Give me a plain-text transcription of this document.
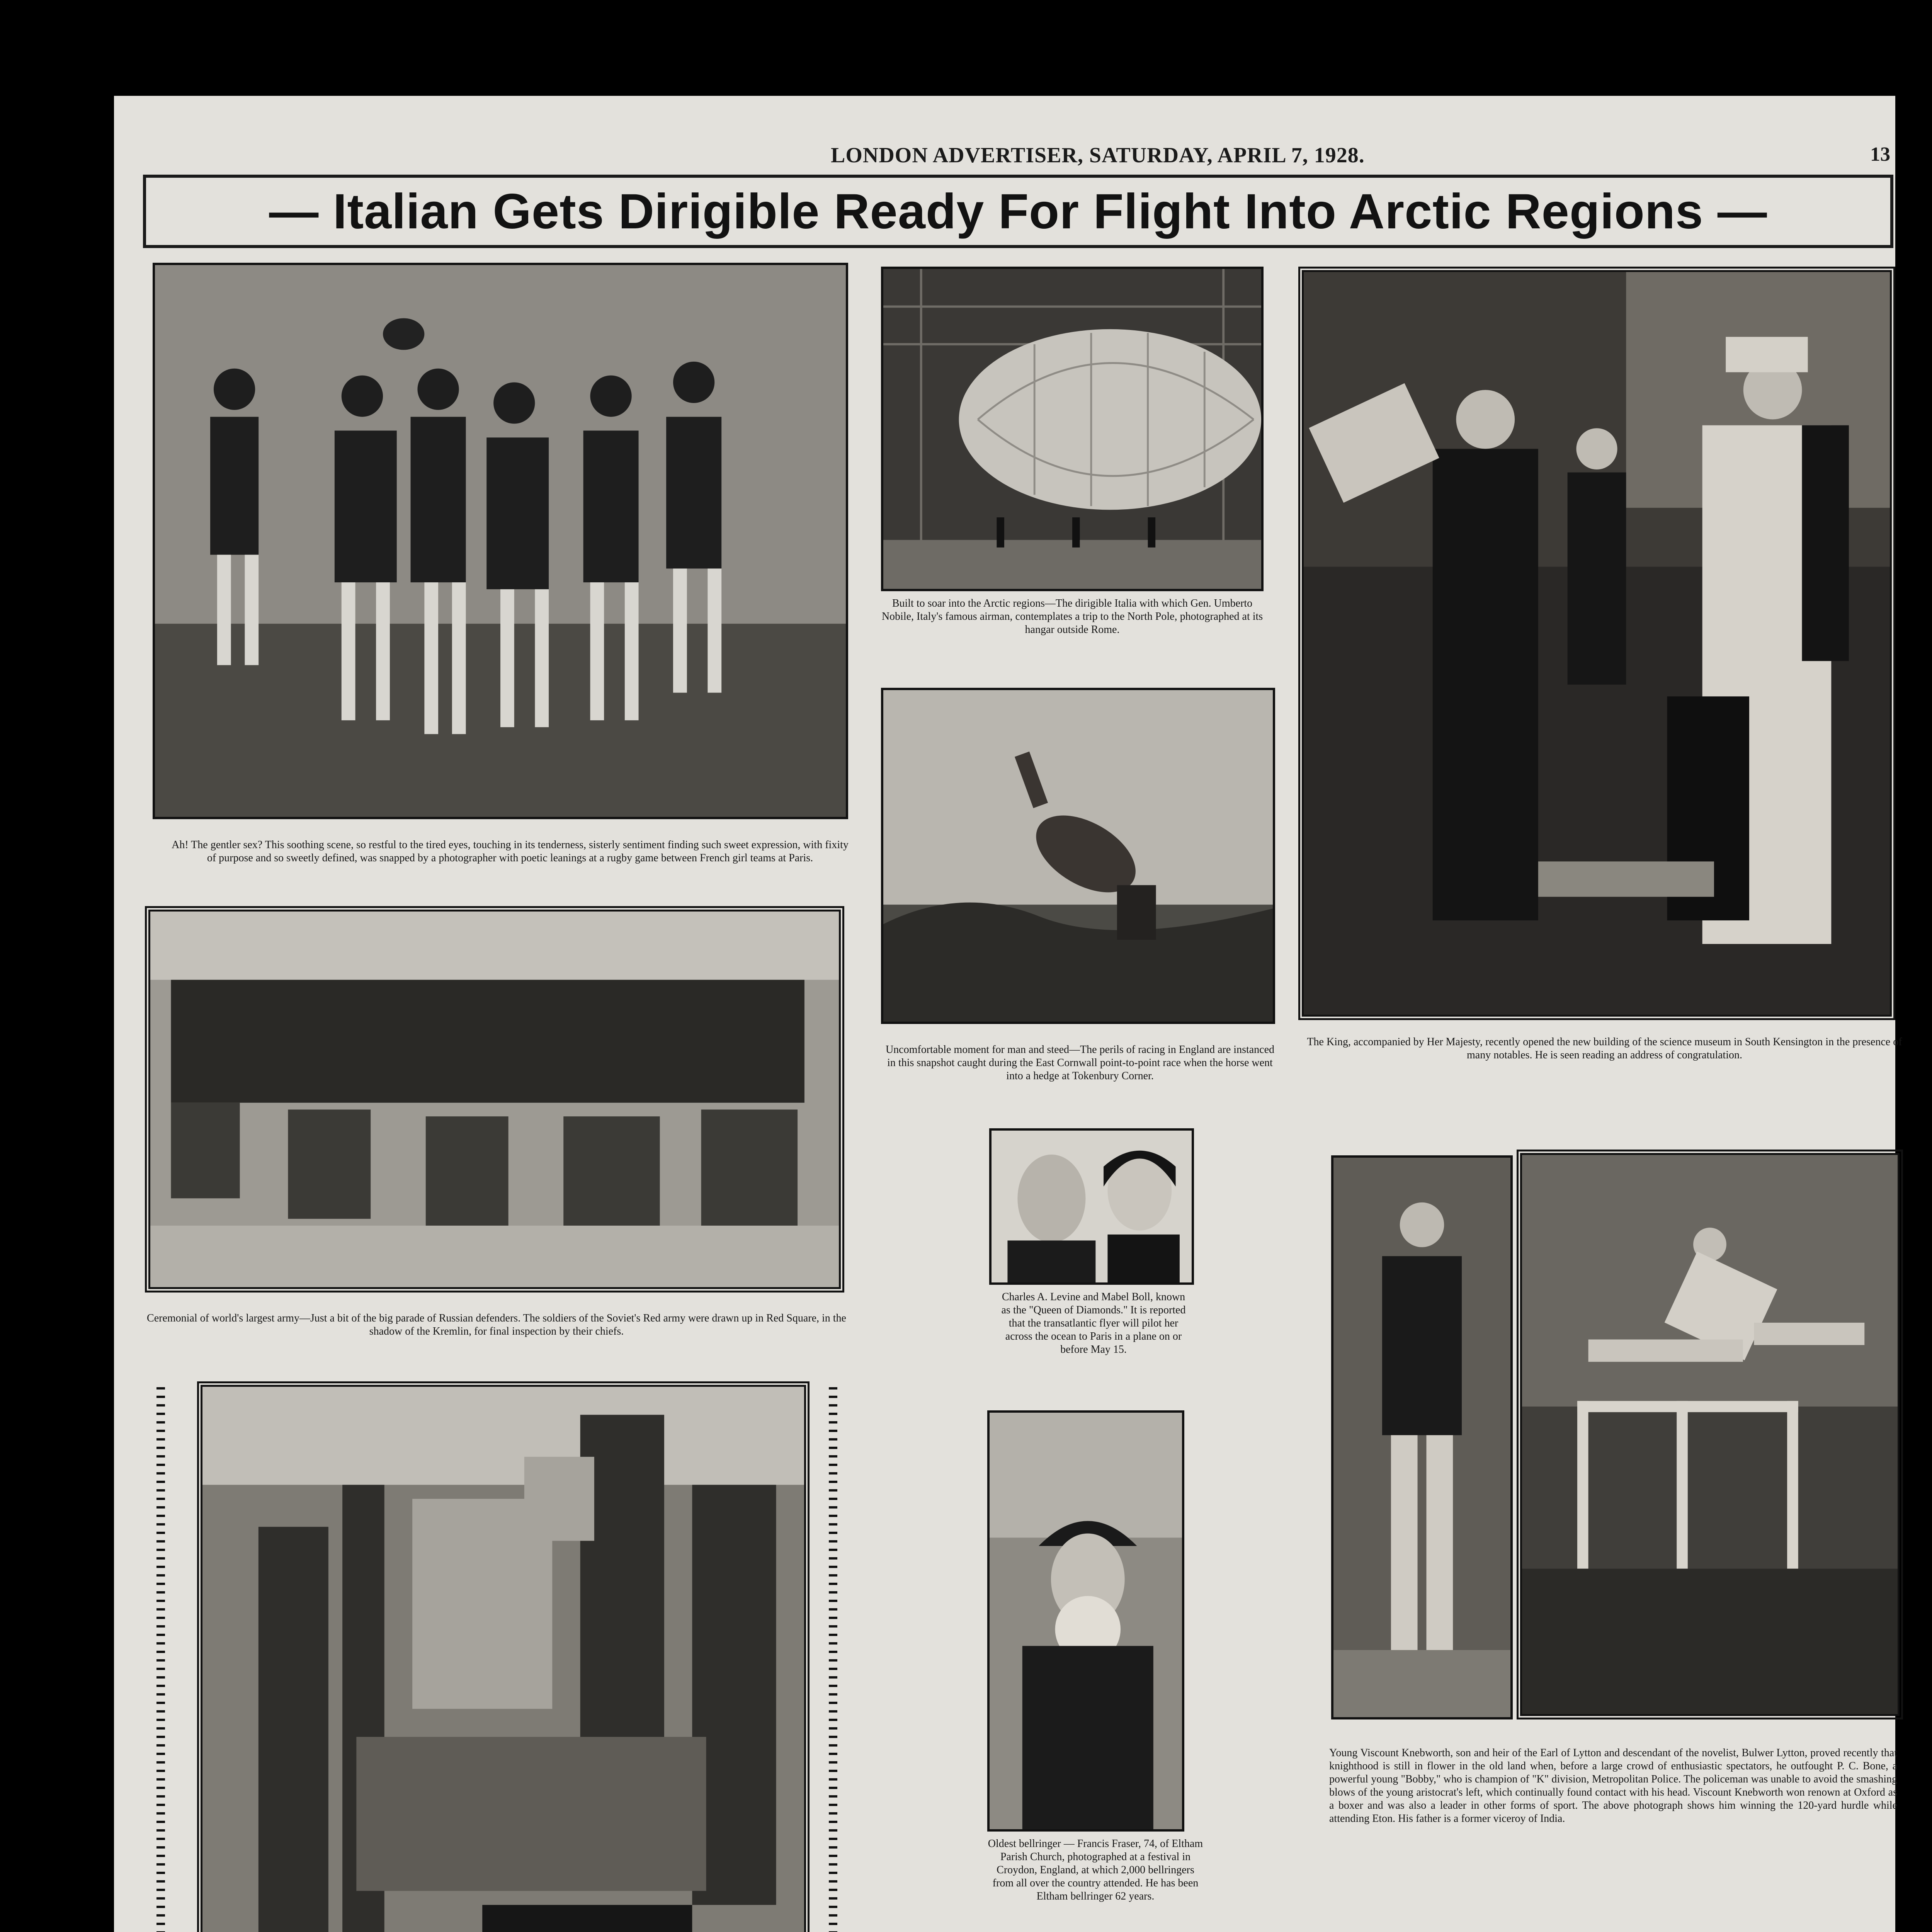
LONDON ADVERTISER, SATURDAY, APRIL 7, 1928.	13
— Italian Gets Dirigible Ready For Flight Into Arctic Regions —
Ah! The gentler sex? This soothing scene, so restful to the tired eyes, touching in its tenderness, sisterly sentiment finding such sweet expression, with fixity of purpose and so sweetly defined, was snapped by a photographer with poetic leanings at a rugby game between French girl teams at Paris.
Built to soar into the Arctic regions—The dirigible Italia with which Gen. Umberto Nobile, Italy's famous airman, contemplates a trip to the North Pole, photographed at its hangar outside Rome.
The King, accompanied by Her Majesty, recently opened the new building of the science museum in South Kensington in the presence of many notables. He is seen reading an address of congratulation.
Uncomfortable moment for man and steed—The perils of racing in England are instanced in this snapshot caught during the East Cornwall point-to-point race when the horse went into a hedge at Tokenbury Corner.
Ceremonial of world's largest army—Just a bit of the big parade of Russian defenders. The soldiers of the Soviet's Red army were drawn up in Red Square, in the shadow of the Kremlin, for final inspection by their chiefs.
Charles A. Levine and Mabel Boll, known as the "Queen of Diamonds." It is reported that the transatlantic flyer will pilot her across the ocean to Paris in a plane on or before May 15.
Young Viscount Knebworth, son and heir of the Earl of Lytton and descendant of the novelist, Bulwer Lytton, proved recently that knighthood is still in flower in the old land when, before a large crowd of enthusiastic spectators, he outfought P. C. Bone, a powerful young "Bobby," who is champion of "K" division, Metropolitan Police. The policeman was unable to avoid the smashing blows of the young aristocrat's left, which continually found contact with his head. Viscount Knebworth won renown at Oxford as a boxer and was also a leader in other forms of sport. The above photograph shows him winning the 120-yard hurdle while attending Eton. His father is a former viceroy of India.
Oldest bellringer — Francis Fraser, 74, of Eltham Parish Church, photographed at a festival in Croydon, England, at which 2,000 bellringers from all over the country attended. He has been Eltham bellringer 62 years.
